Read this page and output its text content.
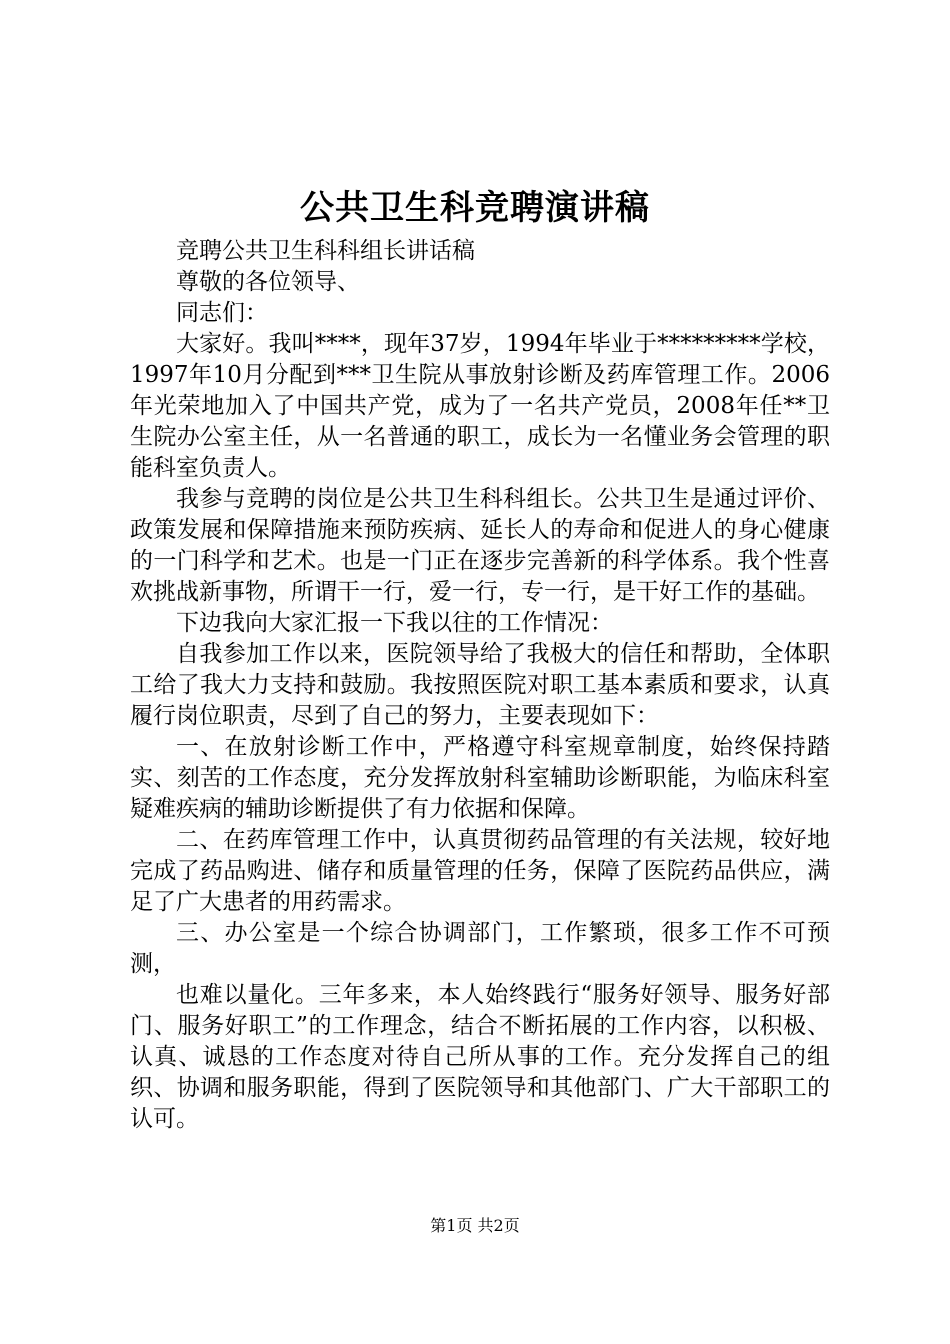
公共卫生科竞聘演讲稿

竞聘公共卫生科科组长讲话稿

尊敬的各位领导、

同志们：

大家好。我叫****，现年37岁，1994年毕业于*********学校，1997年10月分配到***卫生院从事放射诊断及药库管理工作。2006年光荣地加入了中国共产党，成为了一名共产党员，2008年任**卫生院办公室主任，从一名普通的职工，成长为一名懂业务会管理的职能科室负责人。

我参与竞聘的岗位是公共卫生科科组长。公共卫生是通过评价、政策发展和保障措施来预防疾病、延长人的寿命和促进人的身心健康的一门科学和艺术。也是一门正在逐步完善新的科学体系。我个性喜欢挑战新事物，所谓干一行，爱一行，专一行，是干好工作的基础。

下边我向大家汇报一下我以往的工作情况：

自我参加工作以来，医院领导给了我极大的信任和帮助，全体职工给了我大力支持和鼓励。我按照医院对职工基本素质和要求，认真履行岗位职责，尽到了自己的努力，主要表现如下：

一、在放射诊断工作中，严格遵守科室规章制度，始终保持踏实、刻苦的工作态度，充分发挥放射科室辅助诊断职能，为临床科室疑难疾病的辅助诊断提供了有力依据和保障。

二、在药库管理工作中，认真贯彻药品管理的有关法规，较好地完成了药品购进、储存和质量管理的任务，保障了医院药品供应，满足了广大患者的用药需求。

三、办公室是一个综合协调部门，工作繁琐，很多工作不可预测，

也难以量化。三年多来，本人始终践行“服务好领导、服务好部门、服务好职工”的工作理念，结合不断拓展的工作内容，以积极、认真、诚恳的工作态度对待自己所从事的工作。充分发挥自己的组织、协调和服务职能，得到了医院领导和其他部门、广大干部职工的认可。

第1页 共2页
